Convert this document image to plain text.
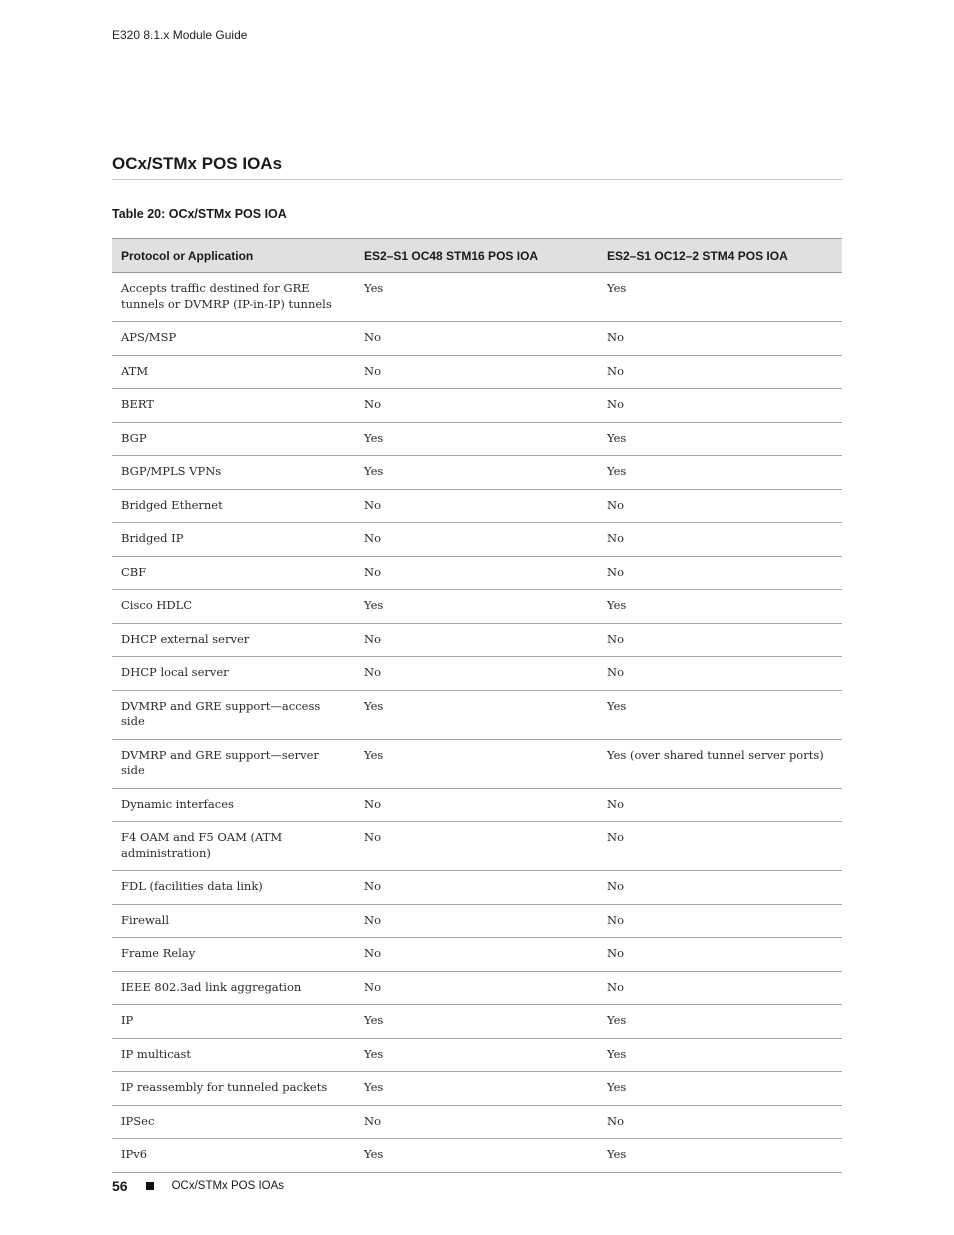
E320 8.1.x Module Guide
OCx/STMx POS IOAs
Table 20: OCx/STMx POS IOA
Protocol or Application	ES2–S1 OC48 STM16 POS IOA	ES2–S1 OC12–2 STM4 POS IOA
Accepts traffic destined for GRE tunnels or DVMRP (IP-in-IP) tunnels	Yes	Yes
APS/MSP	No	No
ATM	No	No
BERT	No	No
BGP	Yes	Yes
BGP/MPLS VPNs	Yes	Yes
Bridged Ethernet	No	No
Bridged IP	No	No
CBF	No	No
Cisco HDLC	Yes	Yes
DHCP external server	No	No
DHCP local server	No	No
DVMRP and GRE support—access side	Yes	Yes
DVMRP and GRE support—server side	Yes	Yes (over shared tunnel server ports)
Dynamic interfaces	No	No
F4 OAM and F5 OAM (ATM administration)	No	No
FDL (facilities data link)	No	No
Firewall	No	No
Frame Relay	No	No
IEEE 802.3ad link aggregation	No	No
IP	Yes	Yes
IP multicast	Yes	Yes
IP reassembly for tunneled packets	Yes	Yes
IPSec	No	No
IPv6	Yes	Yes
56	OCx/STMx POS IOAs
